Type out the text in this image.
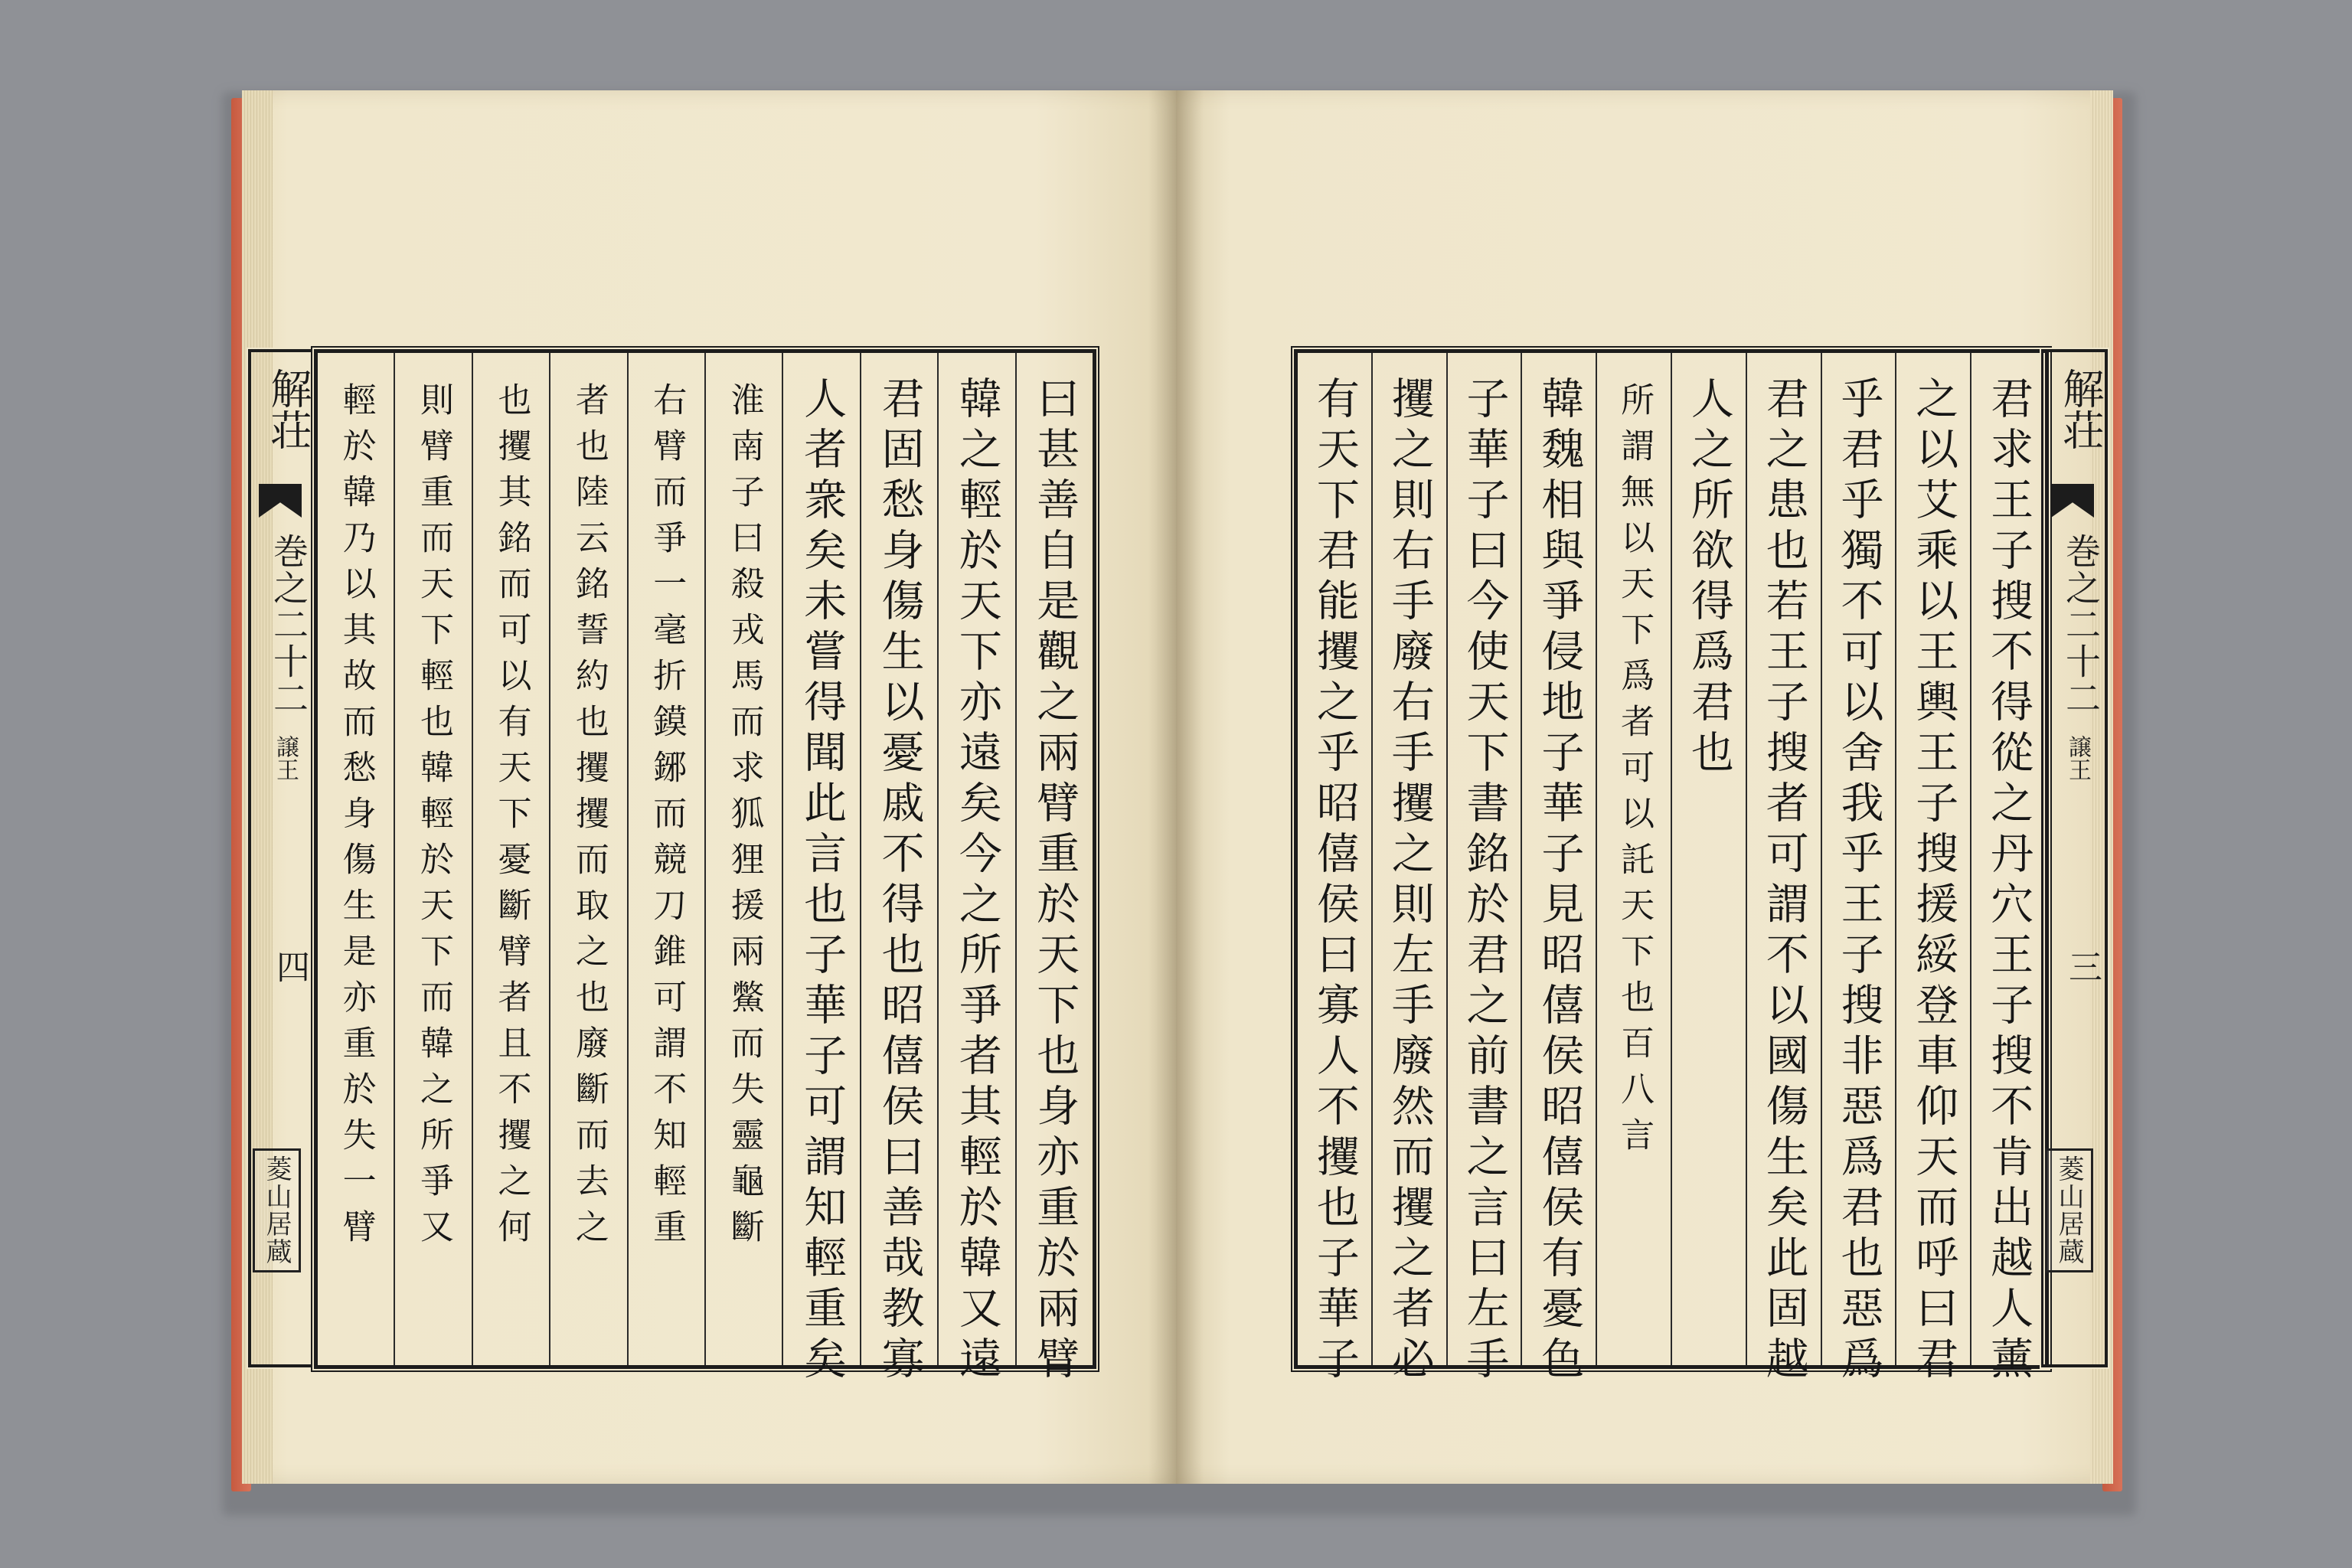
解荘
巻之二十二
譲王
四
菱山居蔵	曰甚善自是觀之兩臂重於天下也身亦重於兩臂
韓之輕於天下亦遠矣今之所爭者其輕於韓又遠
君固愁身傷生以憂戚不得也昭僖侯曰善哉教寡
人者衆矣未嘗得聞此言也子華子可謂知輕重矣
淮南子曰殺戎馬而求狐狸援兩鱉而失靈龜斷
右臂而爭一毫折鏌鋣而競刀錐可謂不知輕重
者也陸云銘誓約也攫攫而取之也廢斷而去之
也攫其銘而可以有天下憂斷臂者且不攫之何
則臂重而天下輕也韓輕於天下而韓之所爭又
輕於韓乃以其故而愁身傷生是亦重於失一臂	君求王子搜不得從之丹穴王子搜不肯出越人薰
之以艾乘以王輿王子搜援綏登車仰天而呼曰君
乎君乎獨不可以舍我乎王子搜非惡爲君也惡爲
君之患也若王子搜者可謂不以國傷生矣此固越
人之所欲得爲君也
所謂無以天下爲者可以託天下也百八言
韓魏相與爭侵地子華子見昭僖侯昭僖侯有憂色
子華子曰今使天下書銘於君之前書之言曰左手
攫之則右手廢右手攫之則左手廢然而攫之者必
有天下君能攫之乎昭僖侯曰寡人不攫也子華子	解荘
巻之二十二
譲王
三
菱山居蔵
